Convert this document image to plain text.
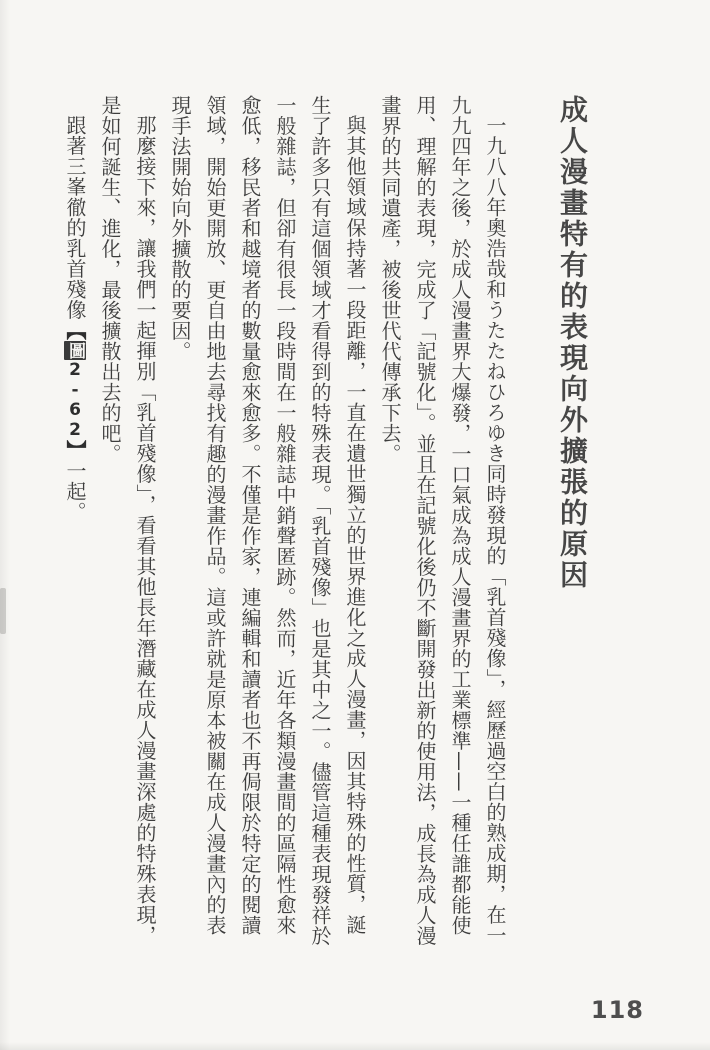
成人漫畫特有的表現向外擴張的原因

一九八八年奧浩哉和うたたねひろゆき同時發現的「乳首殘像」，經歷過空白的熟成期，在一九九四年之後，於成人漫畫界大爆發，一口氣成為成人漫畫界的工業標準——一種任誰都能使用、理解的表現，完成了「記號化」。並且在記號化後仍不斷開發出新的使用法，成長為成人漫畫界的共同遺產，被後世代代傳承下去。

與其他領域保持著一段距離，一直在遺世獨立的世界進化之成人漫畫，因其特殊的性質，誕生了許多只有這個領域才看得到的特殊表現。「乳首殘像」也是其中之一。儘管這種表現發祥於一般雜誌，但卻有很長一段時間在一般雜誌中銷聲匿跡。然而，近年各類漫畫間的區隔性愈來愈低，移民者和越境者的數量愈來愈多。不僅是作家，連編輯和讀者也不再侷限於特定的閱讀領域，開始更開放、更自由地去尋找有趣的漫畫作品。這或許就是原本被關在成人漫畫內的表現手法開始向外擴散的要因。

那麼接下來，讓我們一起揮別「乳首殘像」，看看其他長年潛藏在成人漫畫深處的特殊表現，是如何誕生、進化，最後擴散出去的吧。

跟著三峯徹的乳首殘像【圖2-62】一起。

118
